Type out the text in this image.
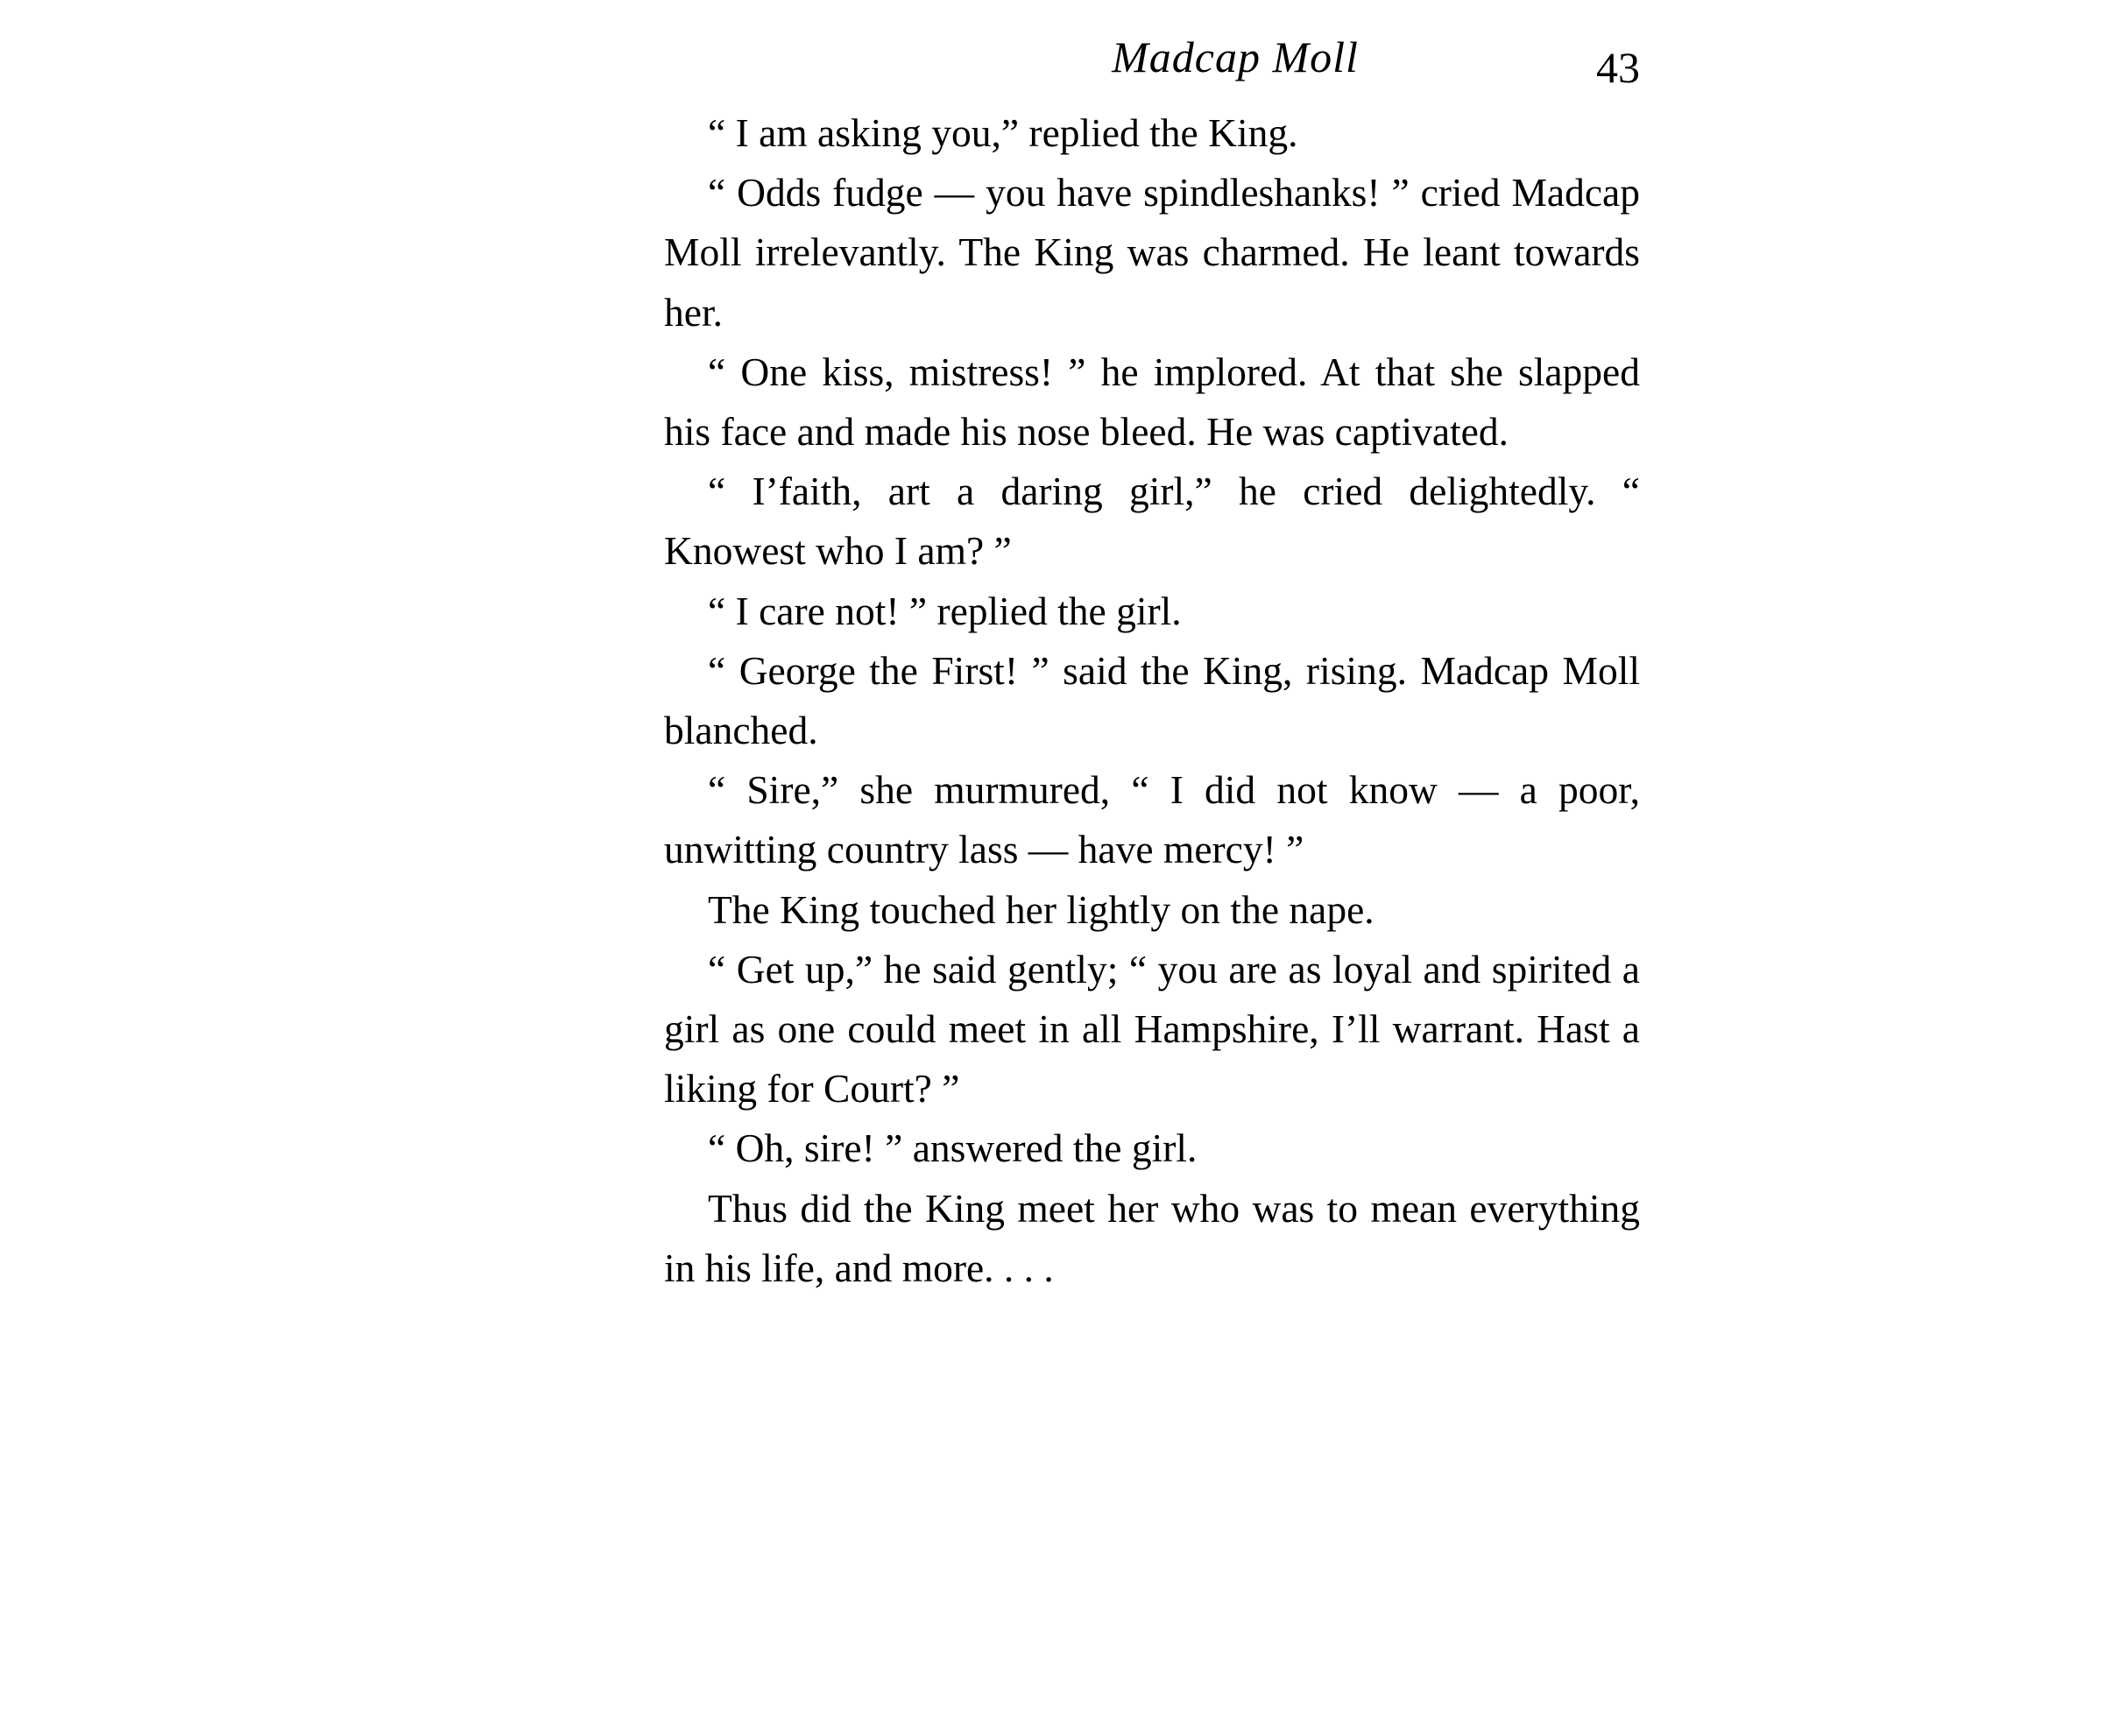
Madcap Moll	43

“ I am asking you,” replied the King.

“ Odds fudge — you have spindleshanks! ” cried Madcap Moll irrelevantly. The King was charmed. He leant towards her.

“ One kiss, mistress! ” he implored. At that she slapped his face and made his nose bleed. He was captivated.

“ I’faith, art a daring girl,” he cried delightedly. “ Knowest who I am? ”

“ I care not! ” replied the girl.

“ George the First! ” said the King, rising. Madcap Moll blanched.

“ Sire,” she murmured, “ I did not know — a poor, unwitting country lass — have mercy! ”

The King touched her lightly on the nape.

“ Get up,” he said gently; “ you are as loyal and spirited a girl as one could meet in all Hampshire, I’ll warrant. Hast a liking for Court? ”

“ Oh, sire! ” answered the girl.

Thus did the King meet her who was to mean everything in his life, and more. . . .
